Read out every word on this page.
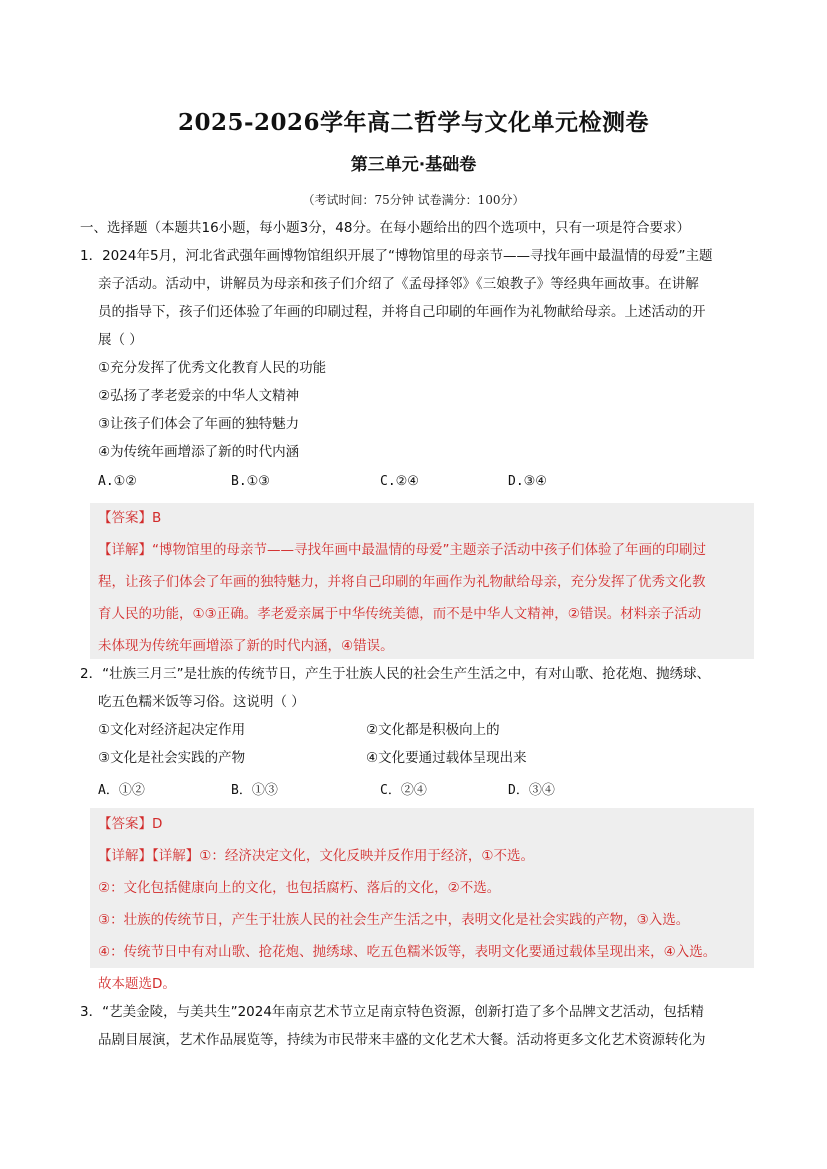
2025-2026学年高二哲学与文化单元检测卷
第三单元·基础卷
（考试时间：75分钟 试卷满分：100分）
一、选择题（本题共16小题，每小题3分，48分。在每小题给出的四个选项中，只有一项是符合要求）
1．2024年5月，河北省武强年画博物馆组织开展了“博物馆里的母亲节——寻找年画中最温情的母爱”主题
亲子活动。活动中，讲解员为母亲和孩子们介绍了《孟母择邻》《三娘教子》等经典年画故事。在讲解
员的指导下，孩子们还体验了年画的印刷过程，并将自己印刷的年画作为礼物献给母亲。上述活动的开
展（ ）
①充分发挥了优秀文化教育人民的功能
②弘扬了孝老爱亲的中华人文精神
③让孩子们体会了年画的独特魅力
④为传统年画增添了新的时代内涵
A.①②	B.①③	C.②④	D.③④
【答案】B
【详解】“博物馆里的母亲节——寻找年画中最温情的母爱”主题亲子活动中孩子们体验了年画的印刷过
程，让孩子们体会了年画的独特魅力，并将自己印刷的年画作为礼物献给母亲，充分发挥了优秀文化教
育人民的功能，①③正确。孝老爱亲属于中华传统美德，而不是中华人文精神，②错误。材料亲子活动
未体现为传统年画增添了新的时代内涵，④错误。
2．“壮族三月三”是壮族的传统节日，产生于壮族人民的社会生产生活之中，有对山歌、抢花炮、抛绣球、
吃五色糯米饭等习俗。这说明（ ）
①文化对经济起决定作用	②文化都是积极向上的
③文化是社会实践的产物	④文化要通过载体呈现出来
A．①②	B．①③	C．②④	D．③④
【答案】D
【详解】【详解】①：经济决定文化，文化反映并反作用于经济，①不选。
②：文化包括健康向上的文化，也包括腐朽、落后的文化，②不选。
③：壮族的传统节日，产生于壮族人民的社会生产生活之中，表明文化是社会实践的产物，③入选。
④：传统节日中有对山歌、抢花炮、抛绣球、吃五色糯米饭等，表明文化要通过载体呈现出来，④入选。
故本题选D。
3．“艺美金陵，与美共生”2024年南京艺术节立足南京特色资源，创新打造了多个品牌文艺活动，包括精
品剧目展演，艺术作品展览等，持续为市民带来丰盛的文化艺术大餐。活动将更多文化艺术资源转化为
